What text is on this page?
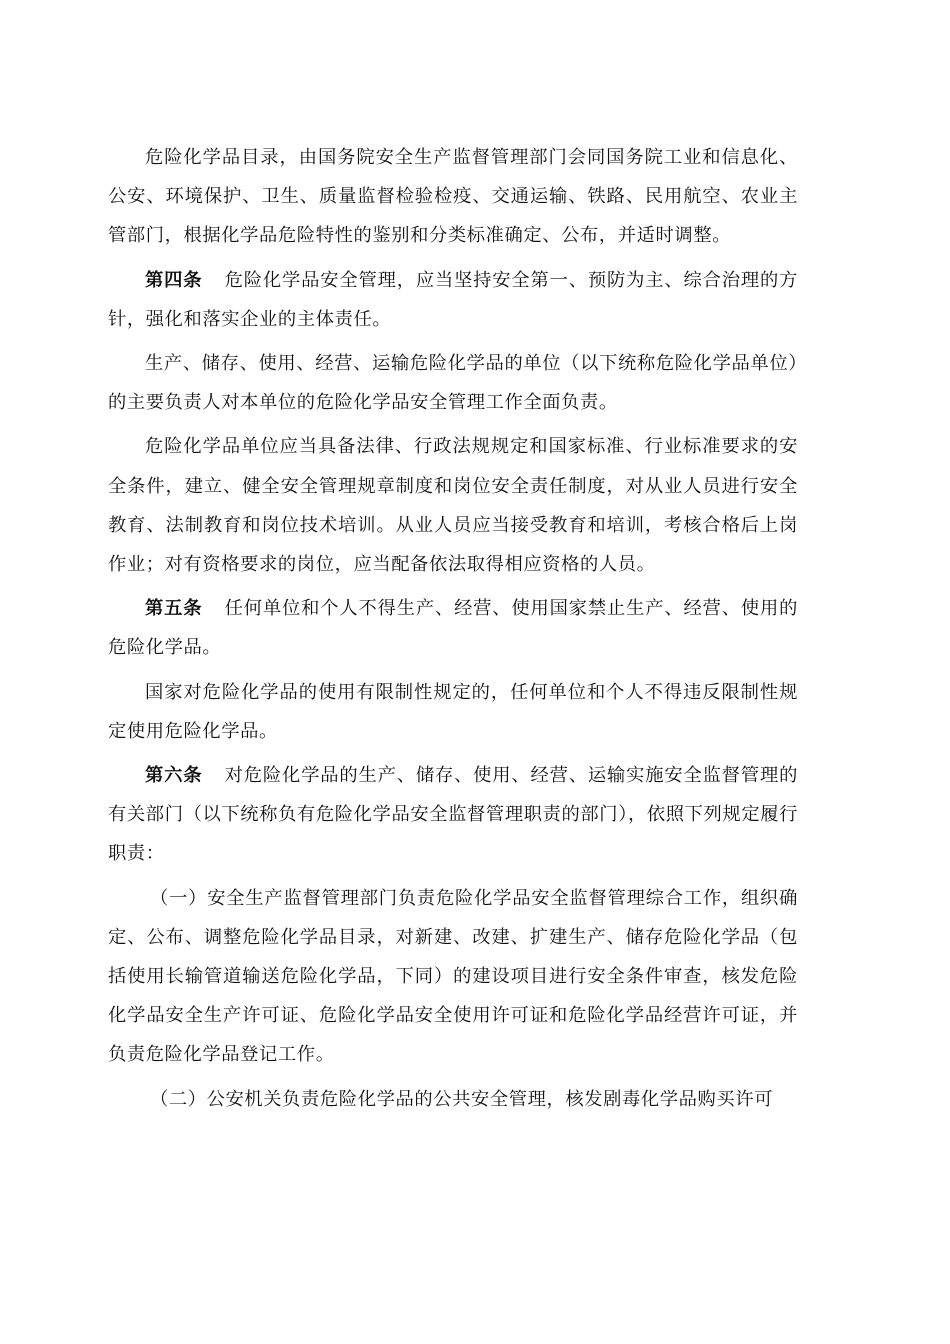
危险化学品目录，由国务院安全生产监督管理部门会同国务院工业和信息化、公安、环境保护、卫生、质量监督检验检疫、交通运输、铁路、民用航空、农业主管部门，根据化学品危险特性的鉴别和分类标准确定、公布，并适时调整。

第四条 危险化学品安全管理，应当坚持安全第一、预防为主、综合治理的方针，强化和落实企业的主体责任。

生产、储存、使用、经营、运输危险化学品的单位（以下统称危险化学品单位）的主要负责人对本单位的危险化学品安全管理工作全面负责。

危险化学品单位应当具备法律、行政法规规定和国家标准、行业标准要求的安全条件，建立、健全安全管理规章制度和岗位安全责任制度，对从业人员进行安全教育、法制教育和岗位技术培训。从业人员应当接受教育和培训，考核合格后上岗作业；对有资格要求的岗位，应当配备依法取得相应资格的人员。

第五条 任何单位和个人不得生产、经营、使用国家禁止生产、经营、使用的危险化学品。

国家对危险化学品的使用有限制性规定的，任何单位和个人不得违反限制性规定使用危险化学品。

第六条 对危险化学品的生产、储存、使用、经营、运输实施安全监督管理的有关部门（以下统称负有危险化学品安全监督管理职责的部门），依照下列规定履行职责：

（一）安全生产监督管理部门负责危险化学品安全监督管理综合工作，组织确定、公布、调整危险化学品目录，对新建、改建、扩建生产、储存危险化学品（包括使用长输管道输送危险化学品，下同）的建设项目进行安全条件审查，核发危险化学品安全生产许可证、危险化学品安全使用许可证和危险化学品经营许可证，并负责危险化学品登记工作。

（二）公安机关负责危险化学品的公共安全管理，核发剧毒化学品购买许可
